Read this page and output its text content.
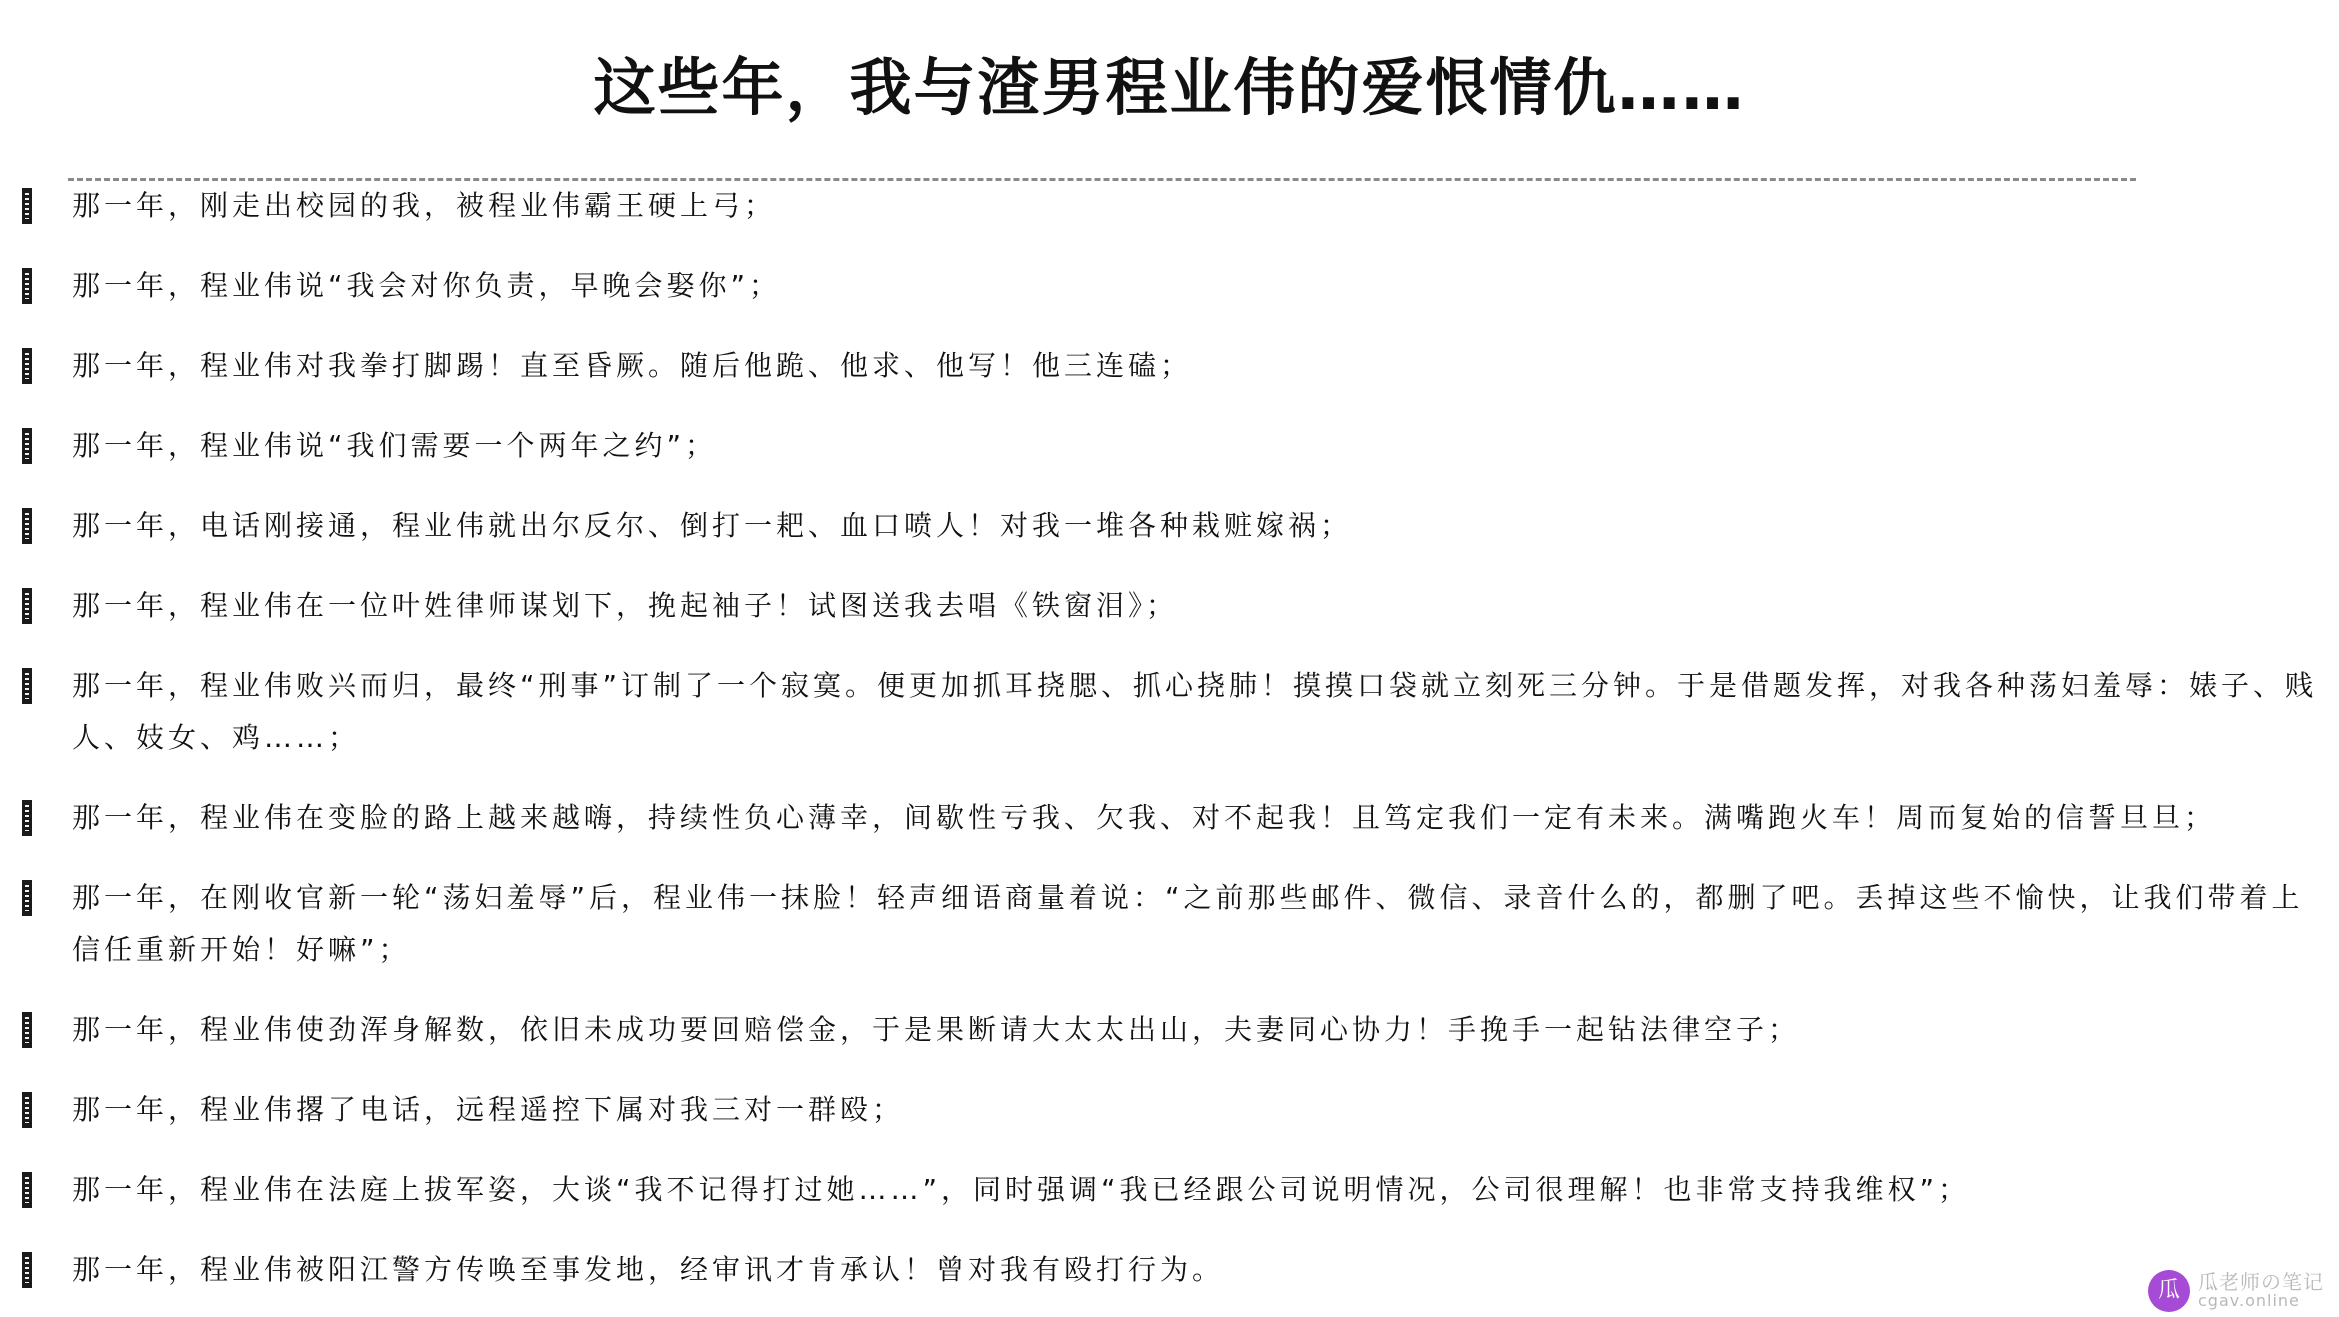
这些年，我与渣男程业伟的爱恨情仇……
那一年，刚走出校园的我，被程业伟霸王硬上弓；
那一年，程业伟说“我会对你负责，早晚会娶你”；
那一年，程业伟对我拳打脚踢！直至昏厥。随后他跪、他求、他写！他三连磕；
那一年，程业伟说“我们需要一个两年之约”；
那一年，电话刚接通，程业伟就出尔反尔、倒打一耙、血口喷人！对我一堆各种栽赃嫁祸；
那一年，程业伟在一位叶姓律师谋划下，挽起袖子！试图送我去唱《铁窗泪》；
那一年，程业伟败兴而归，最终“刑事”订制了一个寂寞。便更加抓耳挠腮、抓心挠肺！摸摸口袋就立刻死三分钟。于是借题发挥，对我各种荡妇羞辱：婊子、贱人、妓女、鸡……；
那一年，程业伟在变脸的路上越来越嗨，持续性负心薄幸，间歇性亏我、欠我、对不起我！且笃定我们一定有未来。满嘴跑火车！周而复始的信誓旦旦；
那一年，在刚收官新一轮“荡妇羞辱”后，程业伟一抹脸！轻声细语商量着说：“之前那些邮件、微信、录音什么的，都删了吧。丢掉这些不愉快，让我们带着上信任重新开始！好嘛”；
那一年，程业伟使劲浑身解数，依旧未成功要回赔偿金，于是果断请大太太出山，夫妻同心协力！手挽手一起钻法律空子；
那一年，程业伟撂了电话，远程遥控下属对我三对一群殴；
那一年，程业伟在法庭上拔军姿，大谈“我不记得打过她……”，同时强调“我已经跟公司说明情况，公司很理解！也非常支持我维权”；
那一年，程业伟被阳江警方传唤至事发地，经审讯才肯承认！曾对我有殴打行为。
瓜 瓜老师の笔记
cgav.online
